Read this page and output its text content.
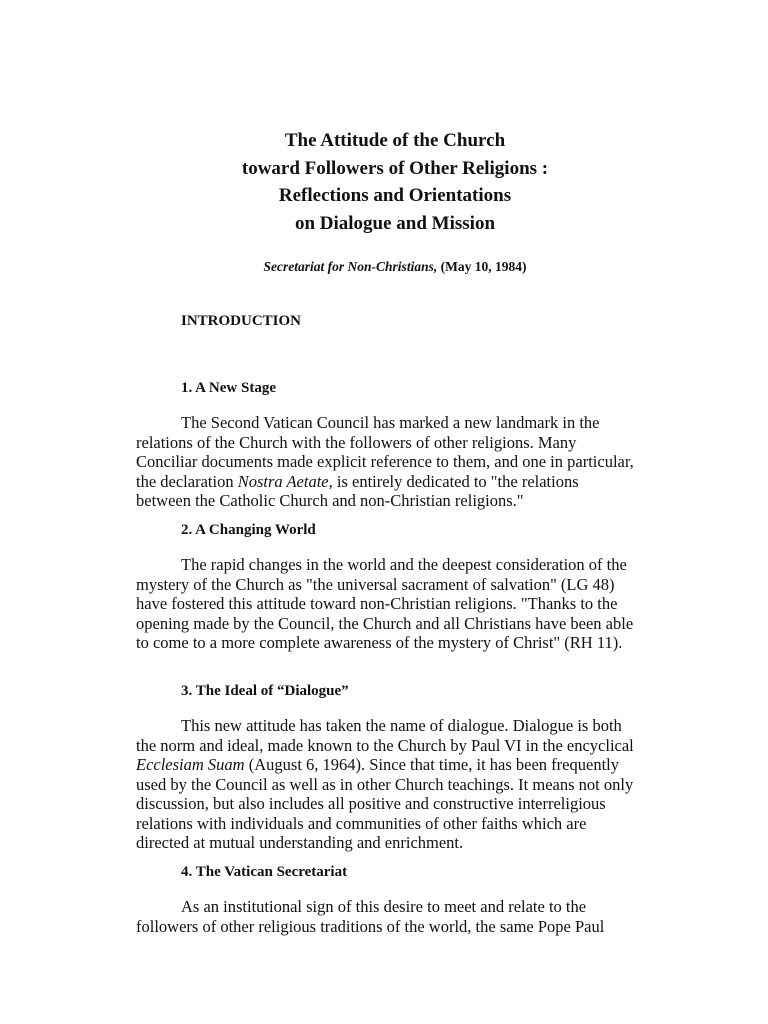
The Attitude of the Church
toward Followers of Other Religions :
Reflections and Orientations
on Dialogue and Mission
Secretariat for Non-Christians, (May 10, 1984)
INTRODUCTION
1. A New Stage

The Second Vatican Council has marked a new landmark in the relations of the Church with the followers of other religions. Many Conciliar documents made explicit reference to them, and one in particular, the declaration Nostra Aetate, is entirely dedicated to "the relations between the Catholic Church and non-Christian religions."

2. A Changing World

The rapid changes in the world and the deepest consideration of the mystery of the Church as "the universal sacrament of salvation" (LG 48) have fostered this attitude toward non-Christian religions. "Thanks to the opening made by the Council, the Church and all Christians have been able to come to a more complete awareness of the mystery of Christ" (RH 11).

3. The Ideal of “Dialogue”

This new attitude has taken the name of dialogue. Dialogue is both the norm and ideal, made known to the Church by Paul VI in the encyclical Ecclesiam Suam (August 6, 1964). Since that time, it has been frequently used by the Council as well as in other Church teachings. It means not only discussion, but also includes all positive and constructive interreligious relations with individuals and communities of other faiths which are directed at mutual understanding and enrichment.

4. The Vatican Secretariat

As an institutional sign of this desire to meet and relate to the followers of other religious traditions of the world, the same Pope Paul
